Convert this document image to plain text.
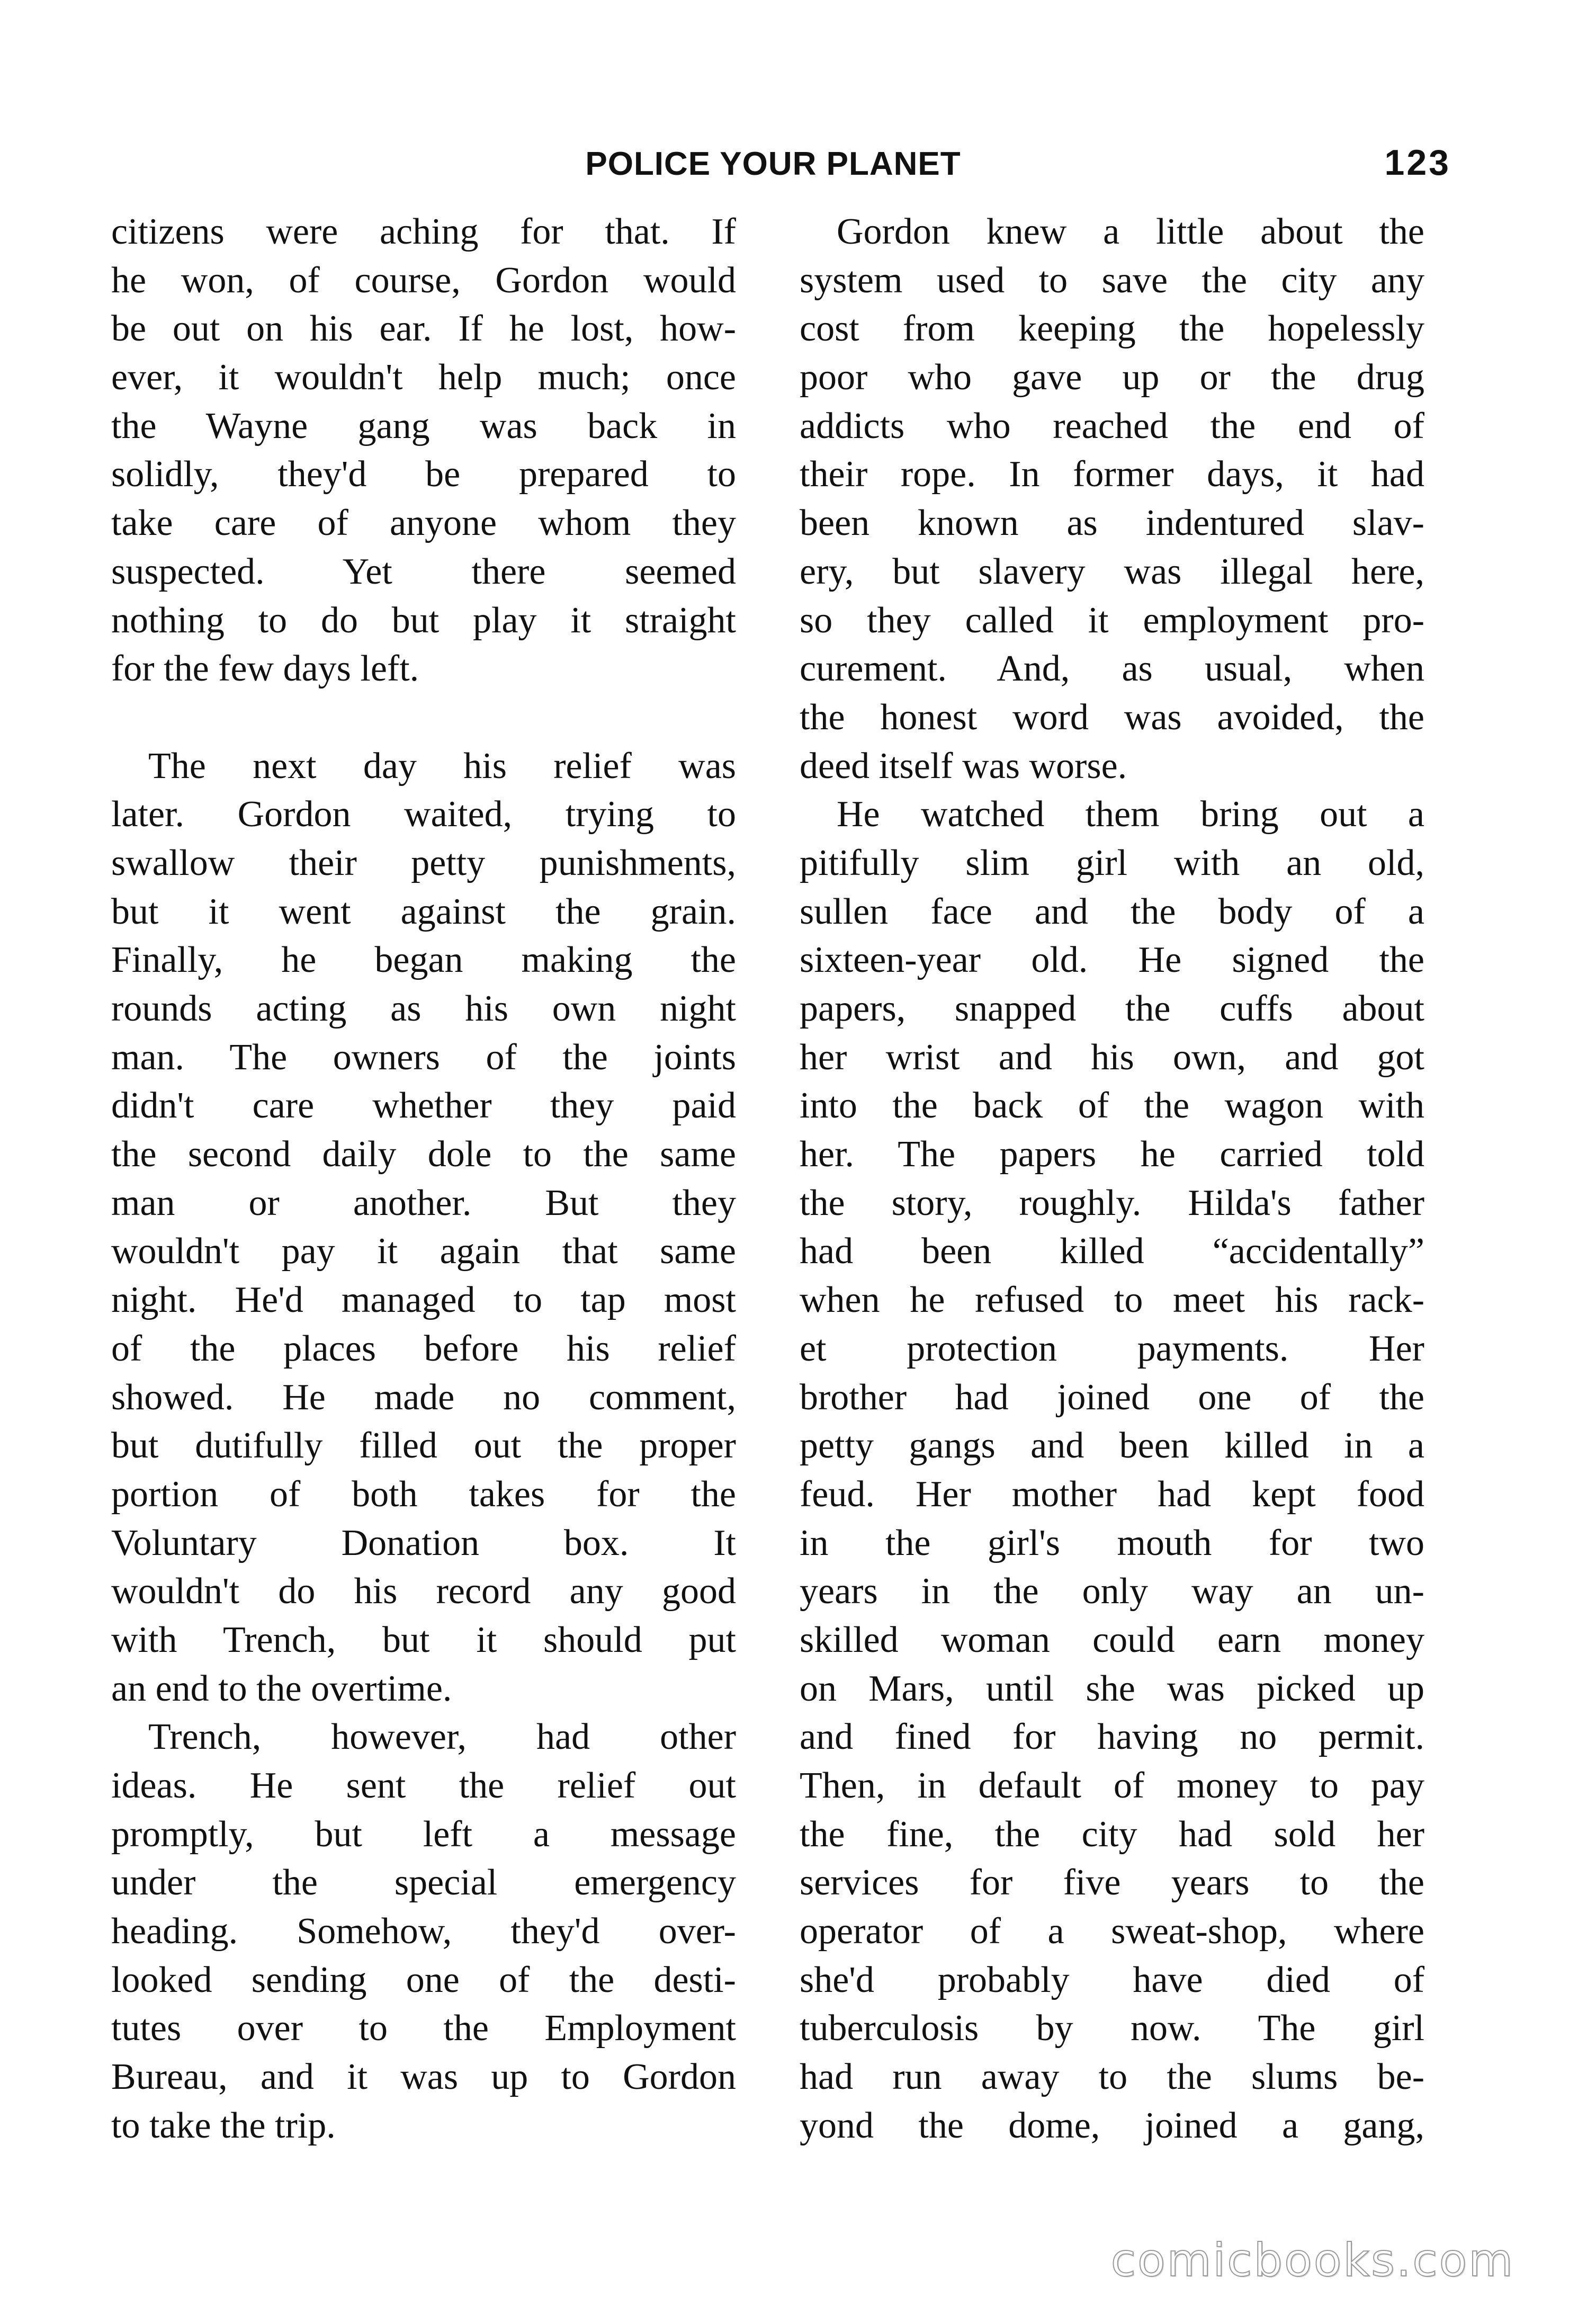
POLICE YOUR PLANET	123
citizens were aching for that. If
he won, of course, Gordon would
be out on his ear. If he lost, how-
ever, it wouldn't help much; once
the Wayne gang was back in
solidly, they'd be prepared to
take care of anyone whom they
suspected. Yet there seemed
nothing to do but play it straight
for the few days left.
The next day his relief was
later. Gordon waited, trying to
swallow their petty punishments,
but it went against the grain.
Finally, he began making the
rounds acting as his own night
man. The owners of the joints
didn't care whether they paid
the second daily dole to the same
man or another. But they
wouldn't pay it again that same
night. He'd managed to tap most
of the places before his relief
showed. He made no comment,
but dutifully filled out the proper
portion of both takes for the
Voluntary Donation box. It
wouldn't do his record any good
with Trench, but it should put
an end to the overtime.
Trench, however, had other
ideas. He sent the relief out
promptly, but left a message
under the special emergency
heading. Somehow, they'd over-
looked sending one of the desti-
tutes over to the Employment
Bureau, and it was up to Gordon
to take the trip.
Gordon knew a little about the
system used to save the city any
cost from keeping the hopelessly
poor who gave up or the drug
addicts who reached the end of
their rope. In former days, it had
been known as indentured slav-
ery, but slavery was illegal here,
so they called it employment pro-
curement. And, as usual, when
the honest word was avoided, the
deed itself was worse.
He watched them bring out a
pitifully slim girl with an old,
sullen face and the body of a
sixteen-year old. He signed the
papers, snapped the cuffs about
her wrist and his own, and got
into the back of the wagon with
her. The papers he carried told
the story, roughly. Hilda's father
had been killed “accidentally”
when he refused to meet his rack-
et protection payments. Her
brother had joined one of the
petty gangs and been killed in a
feud. Her mother had kept food
in the girl's mouth for two
years in the only way an un-
skilled woman could earn money
on Mars, until she was picked up
and fined for having no permit.
Then, in default of money to pay
the fine, the city had sold her
services for five years to the
operator of a sweat-shop, where
she'd probably have died of
tuberculosis by now. The girl
had run away to the slums be-
yond the dome, joined a gang,
comicbooks.com
